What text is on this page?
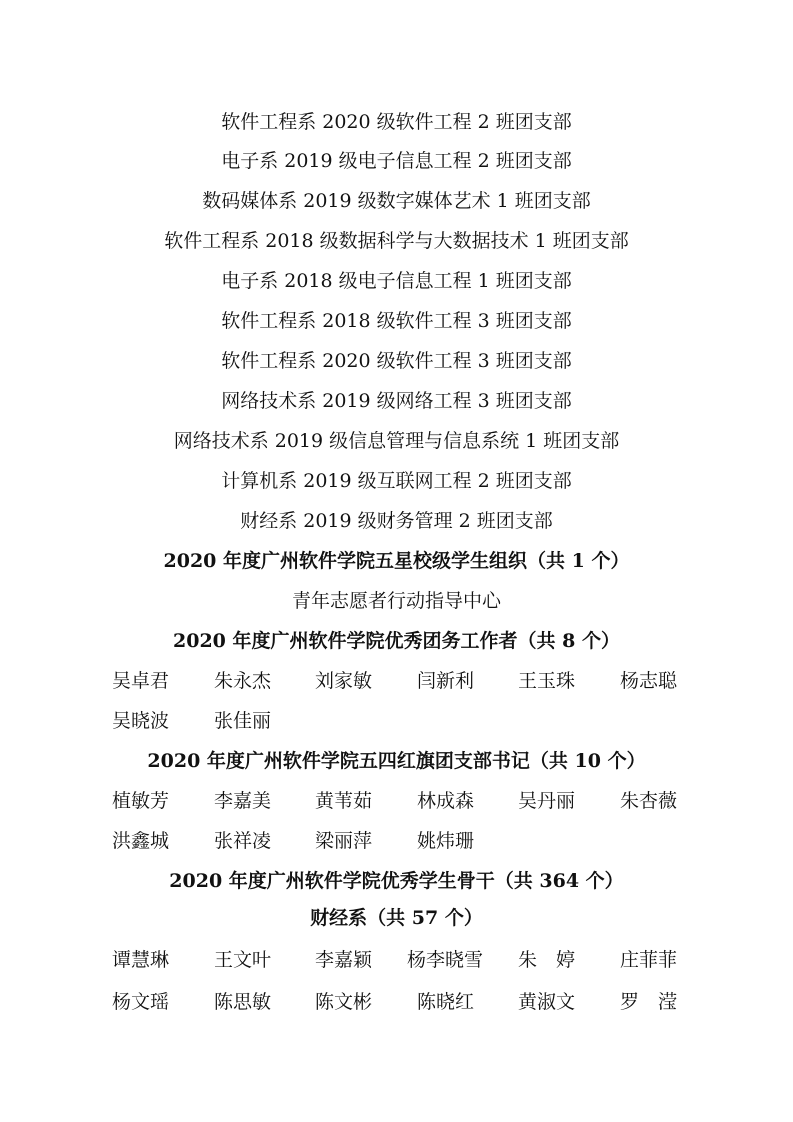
软件工程系 2020 级软件工程 2 班团支部
电子系 2019 级电子信息工程 2 班团支部
数码媒体系 2019 级数字媒体艺术 1 班团支部
软件工程系 2018 级数据科学与大数据技术 1 班团支部
电子系 2018 级电子信息工程 1 班团支部
软件工程系 2018 级软件工程 3 班团支部
软件工程系 2020 级软件工程 3 班团支部
网络技术系 2019 级网络工程 3 班团支部
网络技术系 2019 级信息管理与信息系统 1 班团支部
计算机系 2019 级互联网工程 2 班团支部
财经系 2019 级财务管理 2 班团支部
2020 年度广州软件学院五星校级学生组织（共 1 个）
青年志愿者行动指导中心
2020 年度广州软件学院优秀团务工作者（共 8 个）
吴卓君 朱永杰 刘家敏 闫新利 王玉珠 杨志聪
吴晓波 张佳丽
2020 年度广州软件学院五四红旗团支部书记（共 10 个）
植敏芳 李嘉美 黄苇茹 林成森 吴丹丽 朱杏薇
洪鑫城 张祥凌 梁丽萍 姚炜珊
2020 年度广州软件学院优秀学生骨干（共 364 个）
财经系（共 57 个）
谭慧琳 王文叶 李嘉颖 杨李晓雪 朱　婷 庄菲菲
杨文瑶 陈思敏 陈文彬 陈晓红 黄淑文 罗　滢
